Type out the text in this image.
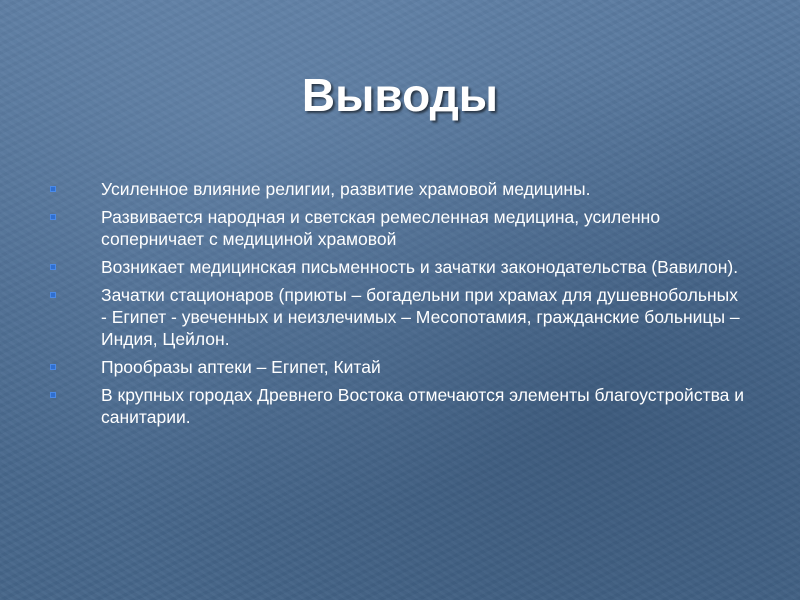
Выводы
Усиленное влияние религии, развитие храмовой медицины.
Развивается народная и светская ремесленная медицина, усиленно соперничает с медициной храмовой
Возникает медицинская письменность и зачатки законодательства (Вавилон).
Зачатки стационаров (приюты – богадельни при храмах для душевнобольных - Египет - увеченных и неизлечимых – Месопотамия, гражданские больницы – Индия, Цейлон.
Прообразы аптеки – Египет, Китай
В крупных городах Древнего Востока отмечаются элементы благоустройства и санитарии.
